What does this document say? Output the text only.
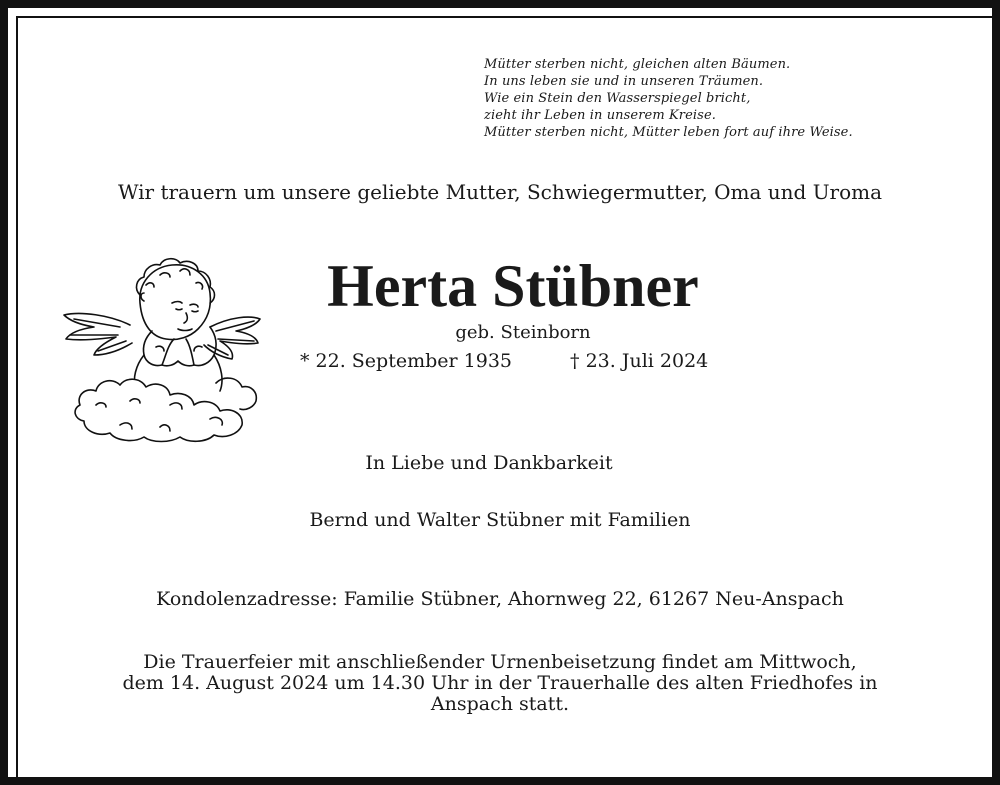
Mütter sterben nicht, gleichen alten Bäumen.
In uns leben sie und in unseren Träumen.
Wie ein Stein den Wasserspiegel bricht,
zieht ihr Leben in unserem Kreise.
Mütter sterben nicht, Mütter leben fort auf ihre Weise.
Wir trauern um unsere geliebte Mutter, Schwiegermutter, Oma und Uroma
Herta Stübner
geb. Steinborn
* 22. September 1935	† 23. Juli 2024
In Liebe und Dankbarkeit
Bernd und Walter Stübner mit Familien
Kondolenzadresse: Familie Stübner, Ahornweg 22, 61267 Neu-Anspach
Die Trauerfeier mit anschließender Urnenbeisetzung findet am Mittwoch,
dem 14. August 2024 um 14.30 Uhr in der Trauerhalle des alten Friedhofes in
Anspach statt.
